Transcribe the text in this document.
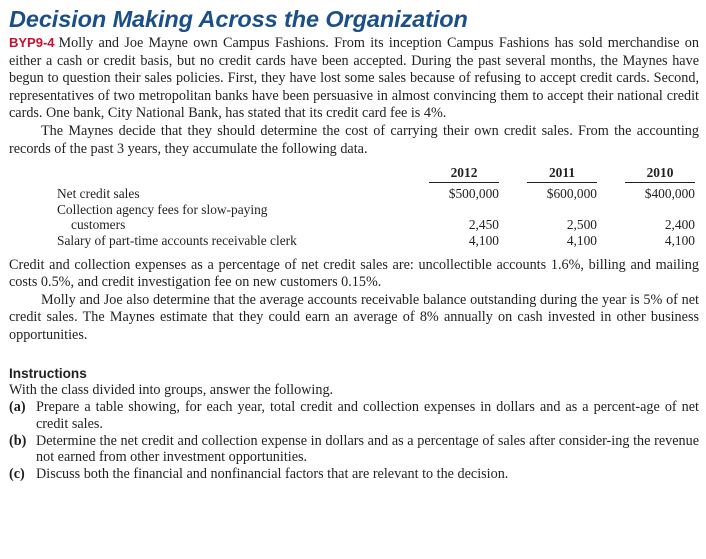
Decision Making Across the Organization

BYP9-4 Molly and Joe Mayne own Campus Fashions. From its inception Campus Fashions has sold merchandise on either a cash or credit basis, but no credit cards have been accepted. During the past several months, the Maynes have begun to question their sales policies. First, they have lost some sales because of refusing to accept credit cards. Second, representatives of two metropolitan banks have been persuasive in almost convincing them to accept their national credit cards. One bank, City National Bank, has stated that its credit card fee is 4%.

The Maynes decide that they should determine the cost of carrying their own credit sales. From the accounting records of the past 3 years, they accumulate the following data.

	2012	2011	2010
Net credit sales	$500,000	$600,000	$400,000
Collection agency fees for slow-paying			
customers	2,450	2,500	2,400
Salary of part-time accounts receivable clerk	4,100	4,100	4,100

Credit and collection expenses as a percentage of net credit sales are: uncollectible accounts 1.6%, billing and mailing costs 0.5%, and credit investigation fee on new customers 0.15%.

Molly and Joe also determine that the average accounts receivable balance outstanding during the year is 5% of net credit sales. The Maynes estimate that they could earn an average of 8% annually on cash invested in other business opportunities.

Instructions

With the class divided into groups, answer the following.

(a) Prepare a table showing, for each year, total credit and collection expenses in dollars and as a percent-age of net credit sales.
(b) Determine the net credit and collection expense in dollars and as a percentage of sales after consider-ing the revenue not earned from other investment opportunities.
(c) Discuss both the financial and nonfinancial factors that are relevant to the decision.
